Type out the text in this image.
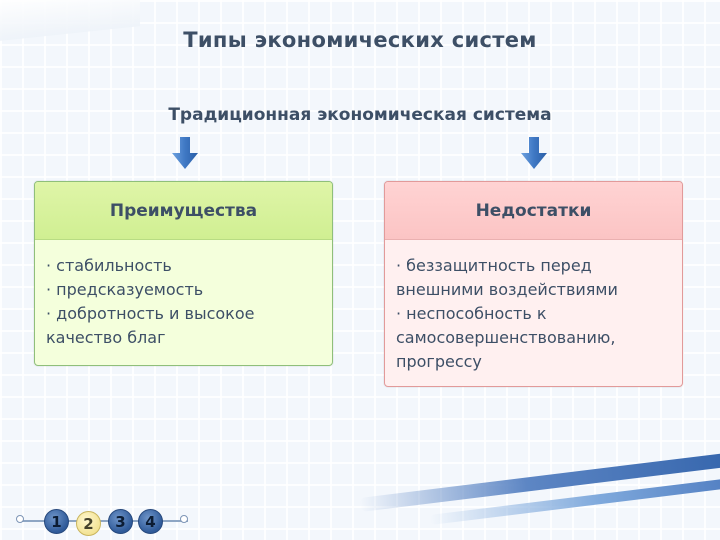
Типы экономических систем
Традиционная экономическая система
Преимущества
· стабильность
· предсказуемость
· добротность и высокое
качество благ
Недостатки
· беззащитность перед
внешними воздействиями
· неспособность к
самосовершенствованию,
прогрессу
1	2	3	4
